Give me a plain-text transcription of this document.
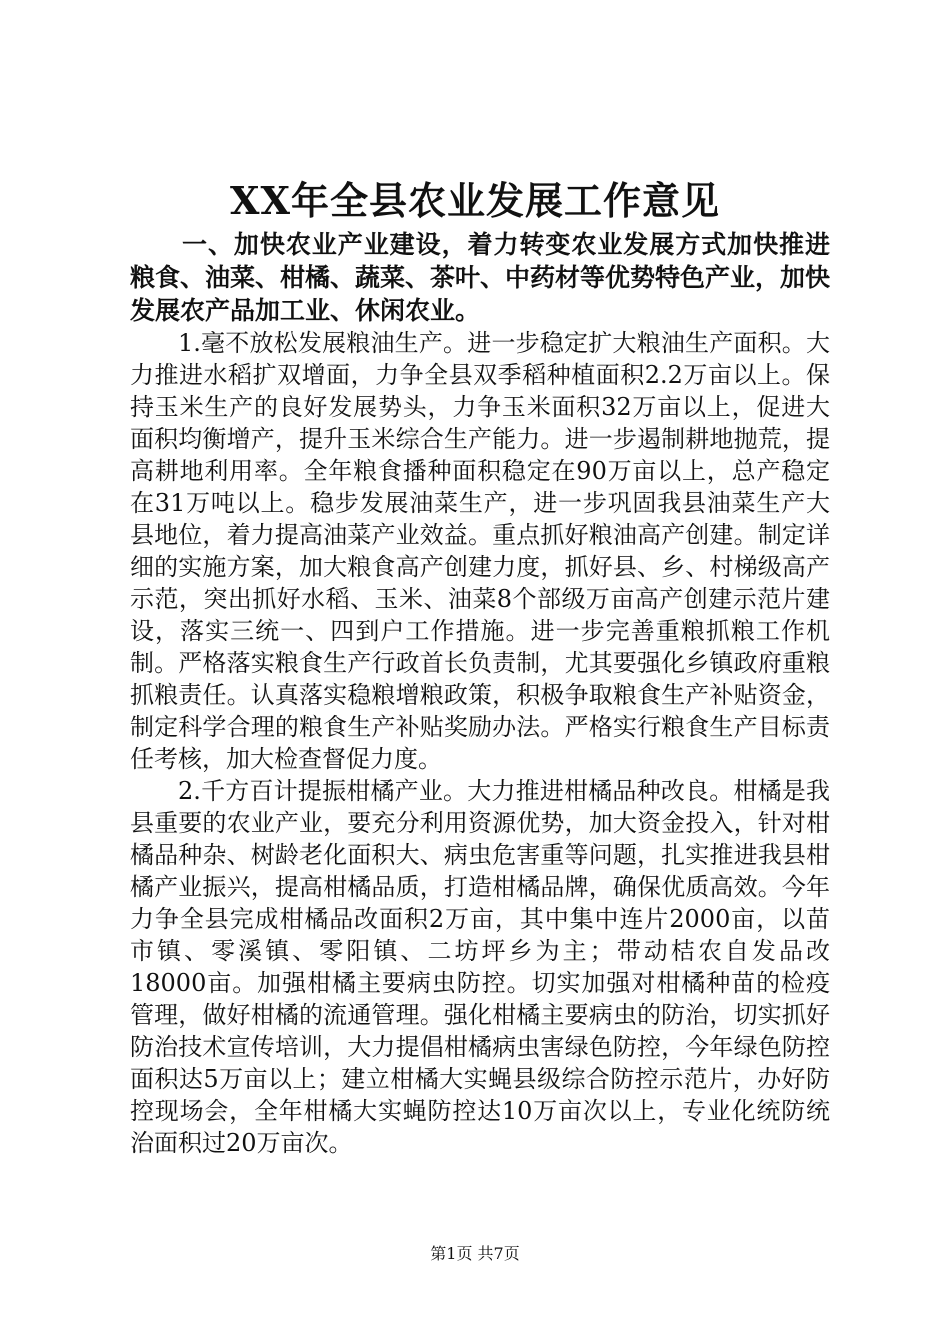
XX年全县农业发展工作意见

一、加快农业产业建设，着力转变农业发展方式加快推进粮食、油菜、柑橘、蔬菜、茶叶、中药材等优势特色产业，加快发展农产品加工业、休闲农业。

1.毫不放松发展粮油生产。进一步稳定扩大粮油生产面积。大力推进水稻扩双增面，力争全县双季稻种植面积2.2万亩以上。保持玉米生产的良好发展势头，力争玉米面积32万亩以上，促进大面积均衡增产，提升玉米综合生产能力。进一步遏制耕地抛荒，提高耕地利用率。全年粮食播种面积稳定在90万亩以上，总产稳定在31万吨以上。稳步发展油菜生产，进一步巩固我县油菜生产大县地位，着力提高油菜产业效益。重点抓好粮油高产创建。制定详细的实施方案，加大粮食高产创建力度，抓好县、乡、村梯级高产示范，突出抓好水稻、玉米、油菜8个部级万亩高产创建示范片建设，落实三统一、四到户工作措施。进一步完善重粮抓粮工作机制。严格落实粮食生产行政首长负责制，尤其要强化乡镇政府重粮抓粮责任。认真落实稳粮增粮政策，积极争取粮食生产补贴资金，制定科学合理的粮食生产补贴奖励办法。严格实行粮食生产目标责任考核，加大检查督促力度。

2.千方百计提振柑橘产业。大力推进柑橘品种改良。柑橘是我县重要的农业产业，要充分利用资源优势，加大资金投入，针对柑橘品种杂、树龄老化面积大、病虫危害重等问题，扎实推进我县柑橘产业振兴，提高柑橘品质，打造柑橘品牌，确保优质高效。今年力争全县完成柑橘品改面积2万亩，其中集中连片2000亩，以苗市镇、零溪镇、零阳镇、二坊坪乡为主；带动桔农自发品改18000亩。加强柑橘主要病虫防控。切实加强对柑橘种苗的检疫管理，做好柑橘的流通管理。强化柑橘主要病虫的防治，切实抓好防治技术宣传培训，大力提倡柑橘病虫害绿色防控，今年绿色防控面积达5万亩以上；建立柑橘大实蝇县级综合防控示范片，办好防控现场会，全年柑橘大实蝇防控达10万亩次以上，专业化统防统治面积过20万亩次。

第1页 共7页
